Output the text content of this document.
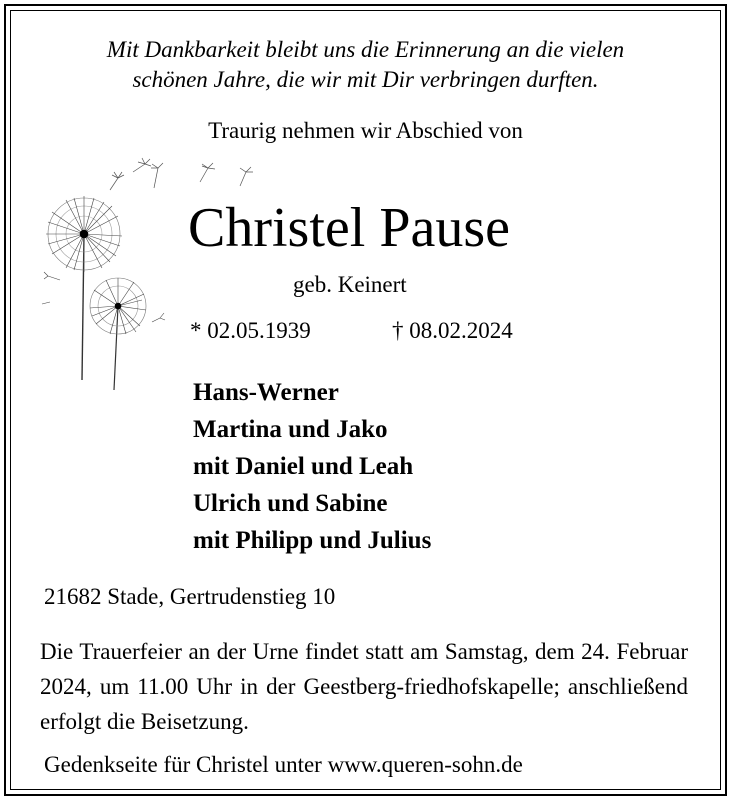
Mit Dankbarkeit bleibt uns die Erinnerung an die vielen
schönen Jahre, die wir mit Dir verbringen durften.
Traurig nehmen wir Abschied von
Christel Pause
geb. Keinert
* 02.05.1939	† 08.02.2024
Hans-Werner
Martina und Jako
mit Daniel und Leah
Ulrich und Sabine
mit Philipp und Julius
21682 Stade, Gertrudenstieg 10
Die Trauerfeier an der Urne findet statt am Samstag, dem 24. Februar 2024, um 11.00 Uhr in der Geestberg-friedhofskapelle; anschließend erfolgt die Beisetzung.
Gedenkseite für Christel unter www.queren-sohn.de
